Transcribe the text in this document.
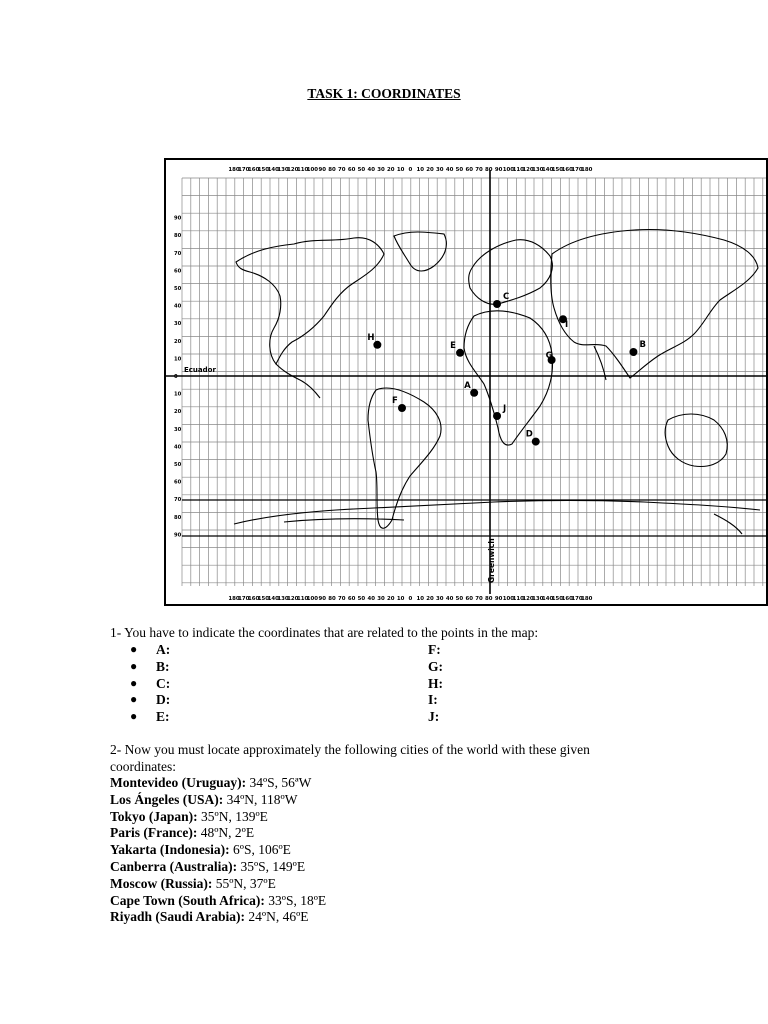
TASK 1: COORDINATES
180
180
170
170
160
160
150
150
140
140
130
130
120
120
110
110
100
100
90
90
80
80
70
70
60
60
50
50
40
40
30
30
20
20
10
10
0
0
10
10
20
20
30
30
40
40
50
50
60
60
70
70
80
80
90
90
100
100
110
110
120
120
130
130
140
140
150
150
160
160
170
170
180
180
90
80
70
60
50
40
30
20
10
0
10
20
30
40
50
60
70
80
90
Ecuador
Greenwich
A
B
C
D
E
F
G
H
I
J
1- You have to indicate the coordinates that are related to the points in the map:
● A:	F:
● B:	G:
● C:	H:
● D:	I:
● E:	J:
2- Now you must locate approximately the following cities of the world with these given coordinates:
Montevideo (Uruguay): 34ºS, 56ªW
Los Ángeles (USA): 34ºN, 118ºW
Tokyo (Japan): 35ºN, 139ºE
Paris (France): 48ºN, 2ºE
Yakarta (Indonesia): 6ºS, 106ºE
Canberra (Australia): 35ºS, 149ºE
Moscow (Russia): 55ºN, 37ºE
Cape Town (South Africa): 33ºS, 18ºE
Riyadh (Saudi Arabia): 24ºN, 46ºE
